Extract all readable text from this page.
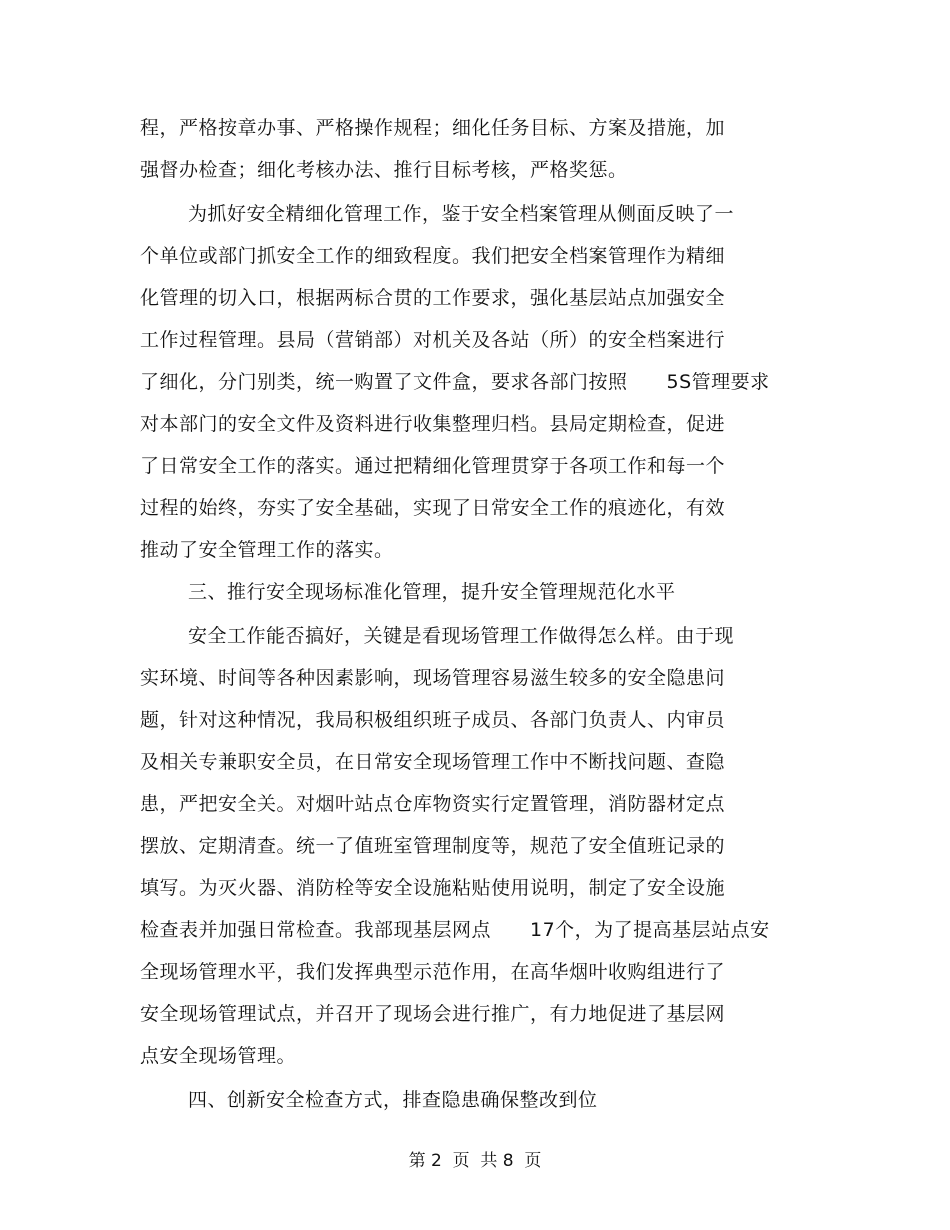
程，严格按章办事、严格操作规程；细化任务目标、方案及措施，加
强督办检查；细化考核办法、推行目标考核，严格奖惩。
为抓好安全精细化管理工作，鉴于安全档案管理从侧面反映了一
个单位或部门抓安全工作的细致程度。我们把安全档案管理作为精细
化管理的切入口，根据两标合贯的工作要求，强化基层站点加强安全
工作过程管理。县局（营销部）对机关及各站（所）的安全档案进行
了细化，分门别类，统一购置了文件盒，要求各部门按照　　5S管理要求
对本部门的安全文件及资料进行收集整理归档。县局定期检查，促进
了日常安全工作的落实。通过把精细化管理贯穿于各项工作和每一个
过程的始终，夯实了安全基础，实现了日常安全工作的痕迹化，有效
推动了安全管理工作的落实。
三、推行安全现场标准化管理，提升安全管理规范化水平
安全工作能否搞好，关键是看现场管理工作做得怎么样。由于现
实环境、时间等各种因素影响，现场管理容易滋生较多的安全隐患问
题，针对这种情况，我局积极组织班子成员、各部门负责人、内审员
及相关专兼职安全员，在日常安全现场管理工作中不断找问题、查隐
患，严把安全关。对烟叶站点仓库物资实行定置管理，消防器材定点
摆放、定期清查。统一了值班室管理制度等，规范了安全值班记录的
填写。为灭火器、消防栓等安全设施粘贴使用说明，制定了安全设施
检查表并加强日常检查。我部现基层网点　　17个，为了提高基层站点安
全现场管理水平，我们发挥典型示范作用，在高华烟叶收购组进行了
安全现场管理试点，并召开了现场会进行推广，有力地促进了基层网
点安全现场管理。
四、创新安全检查方式，排查隐患确保整改到位
第 2  页  共 8  页
